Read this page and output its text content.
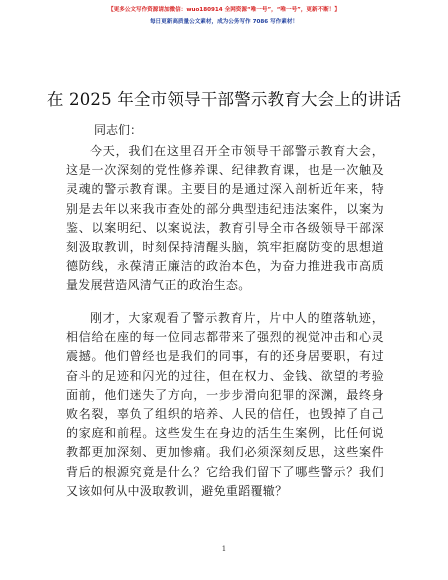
【更多公文写作资源请加微信：wuo180914 全网资源“唯一号”，“唯一号”，更新不断！】
每日更新高质量公文素材，成为公务写作 7086 写作素材！
在 2025 年全市领导干部警示教育大会上的讲话
同志们：

今天，我们在这里召开全市领导干部警示教育大会，这是一次深刻的党性修养课、纪律教育课，也是一次触及灵魂的警示教育课。主要目的是通过深入剖析近年来，特别是去年以来我市查处的部分典型违纪违法案件，以案为鉴、以案明纪、以案说法，教育引导全市各级领导干部深刻汲取教训，时刻保持清醒头脑，筑牢拒腐防变的思想道德防线，永葆清正廉洁的政治本色，为奋力推进我市高质量发展营造风清气正的政治生态。

刚才，大家观看了警示教育片，片中人的堕落轨迹，相信给在座的每一位同志都带来了强烈的视觉冲击和心灵震撼。他们曾经也是我们的同事，有的还身居要职，有过奋斗的足迹和闪光的过往，但在权力、金钱、欲望的考验面前，他们迷失了方向，一步步滑向犯罪的深渊，最终身败名裂，辜负了组织的培养、人民的信任，也毁掉了自己的家庭和前程。这些发生在身边的活生生案例，比任何说教都更加深刻、更加惨痛。我们必须深刻反思，这些案件背后的根源究竟是什么？它给我们留下了哪些警示？我们又该如何从中汲取教训，避免重蹈覆辙？

1
